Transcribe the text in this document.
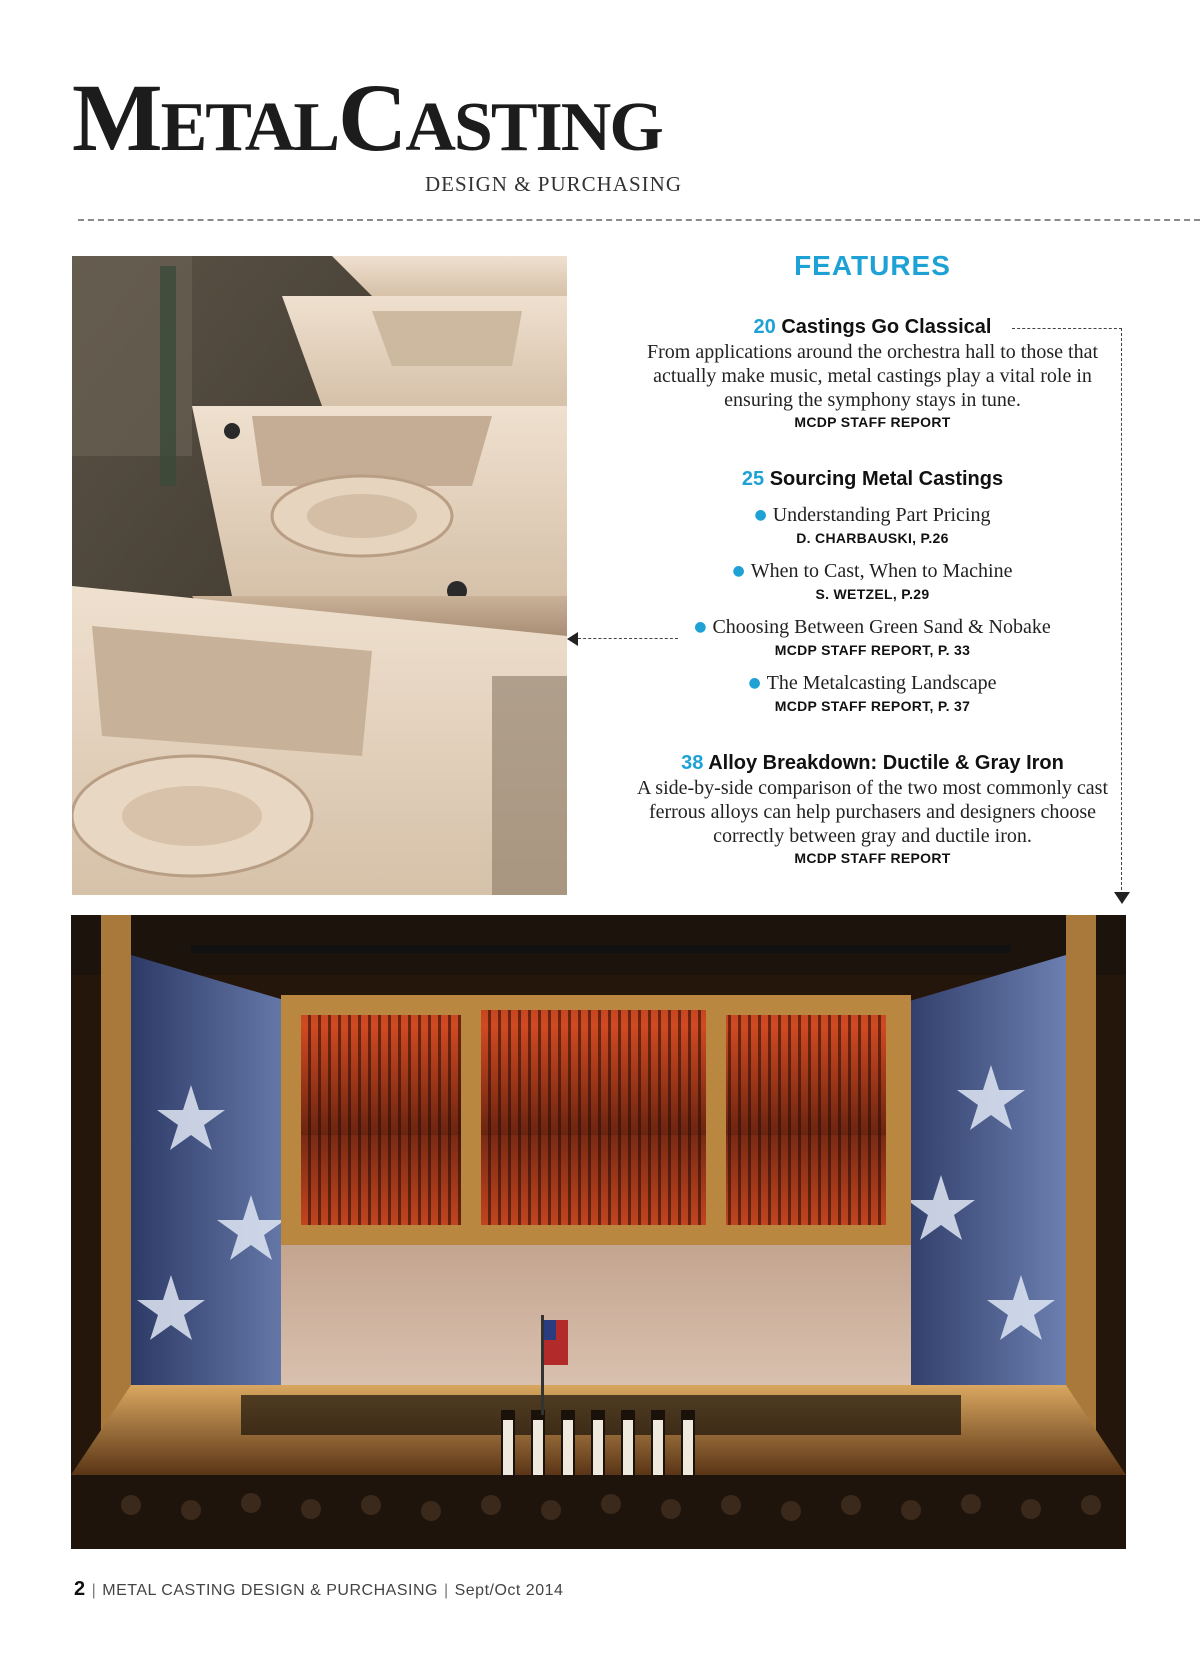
METALCASTING
DESIGN & PURCHASING
FEATURES
20 Castings Go Classical
From applications around the orchestra hall to those that actually make music, metal castings play a vital role in ensuring the symphony stays in tune.
MCDP STAFF REPORT
25 Sourcing Metal Castings
● Understanding Part Pricing
D. CHARBAUSKI, P.26
● When to Cast, When to Machine
S. WETZEL, P.29
● Choosing Between Green Sand & Nobake
MCDP STAFF REPORT, P. 33
● The Metalcasting Landscape
MCDP STAFF REPORT, P. 37
38 Alloy Breakdown: Ductile & Gray Iron
A side-by-side comparison of the two most commonly cast ferrous alloys can help purchasers and designers choose correctly between gray and ductile iron.
MCDP STAFF REPORT
2 | METAL CASTING DESIGN & PURCHASING | Sept/Oct 2014
